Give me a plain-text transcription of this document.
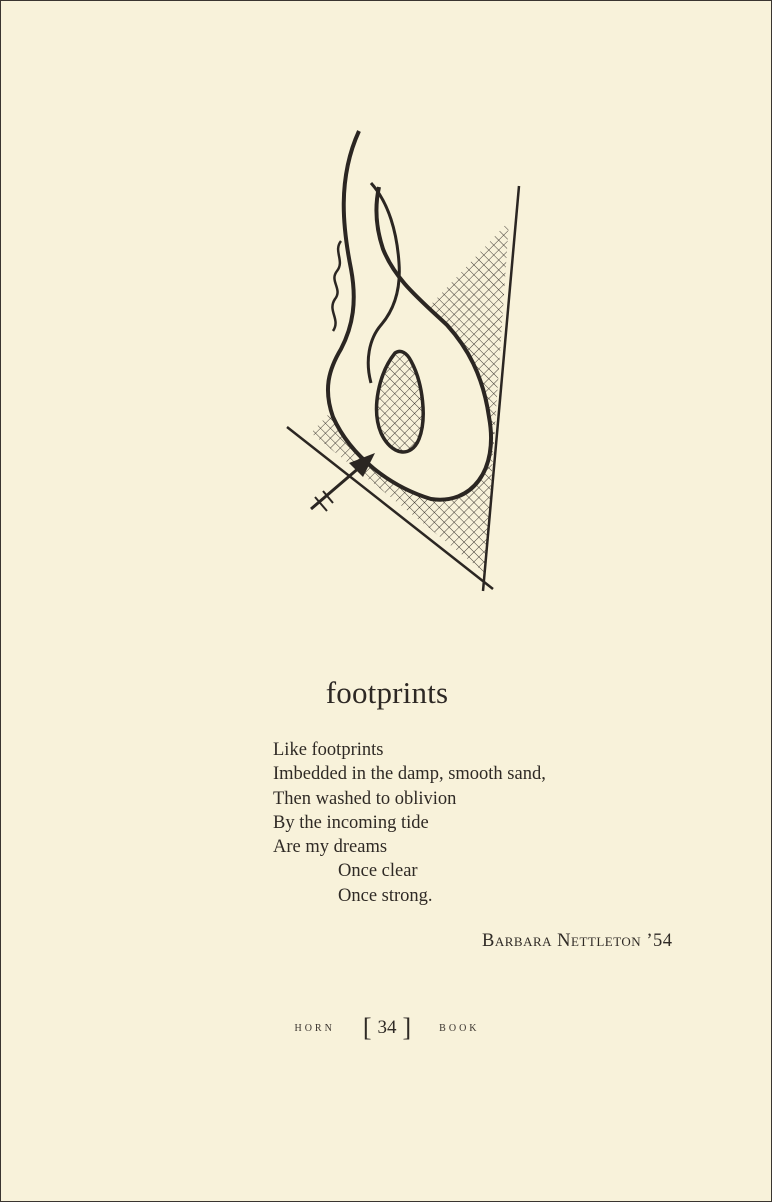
footprints
Like footprints
Imbedded in the damp, smooth sand,
Then washed to oblivion
By the incoming tide
Are my dreams
Once clear
Once strong.
Barbara Nettleton ’54
HORN [ 34 ]	BOOK
